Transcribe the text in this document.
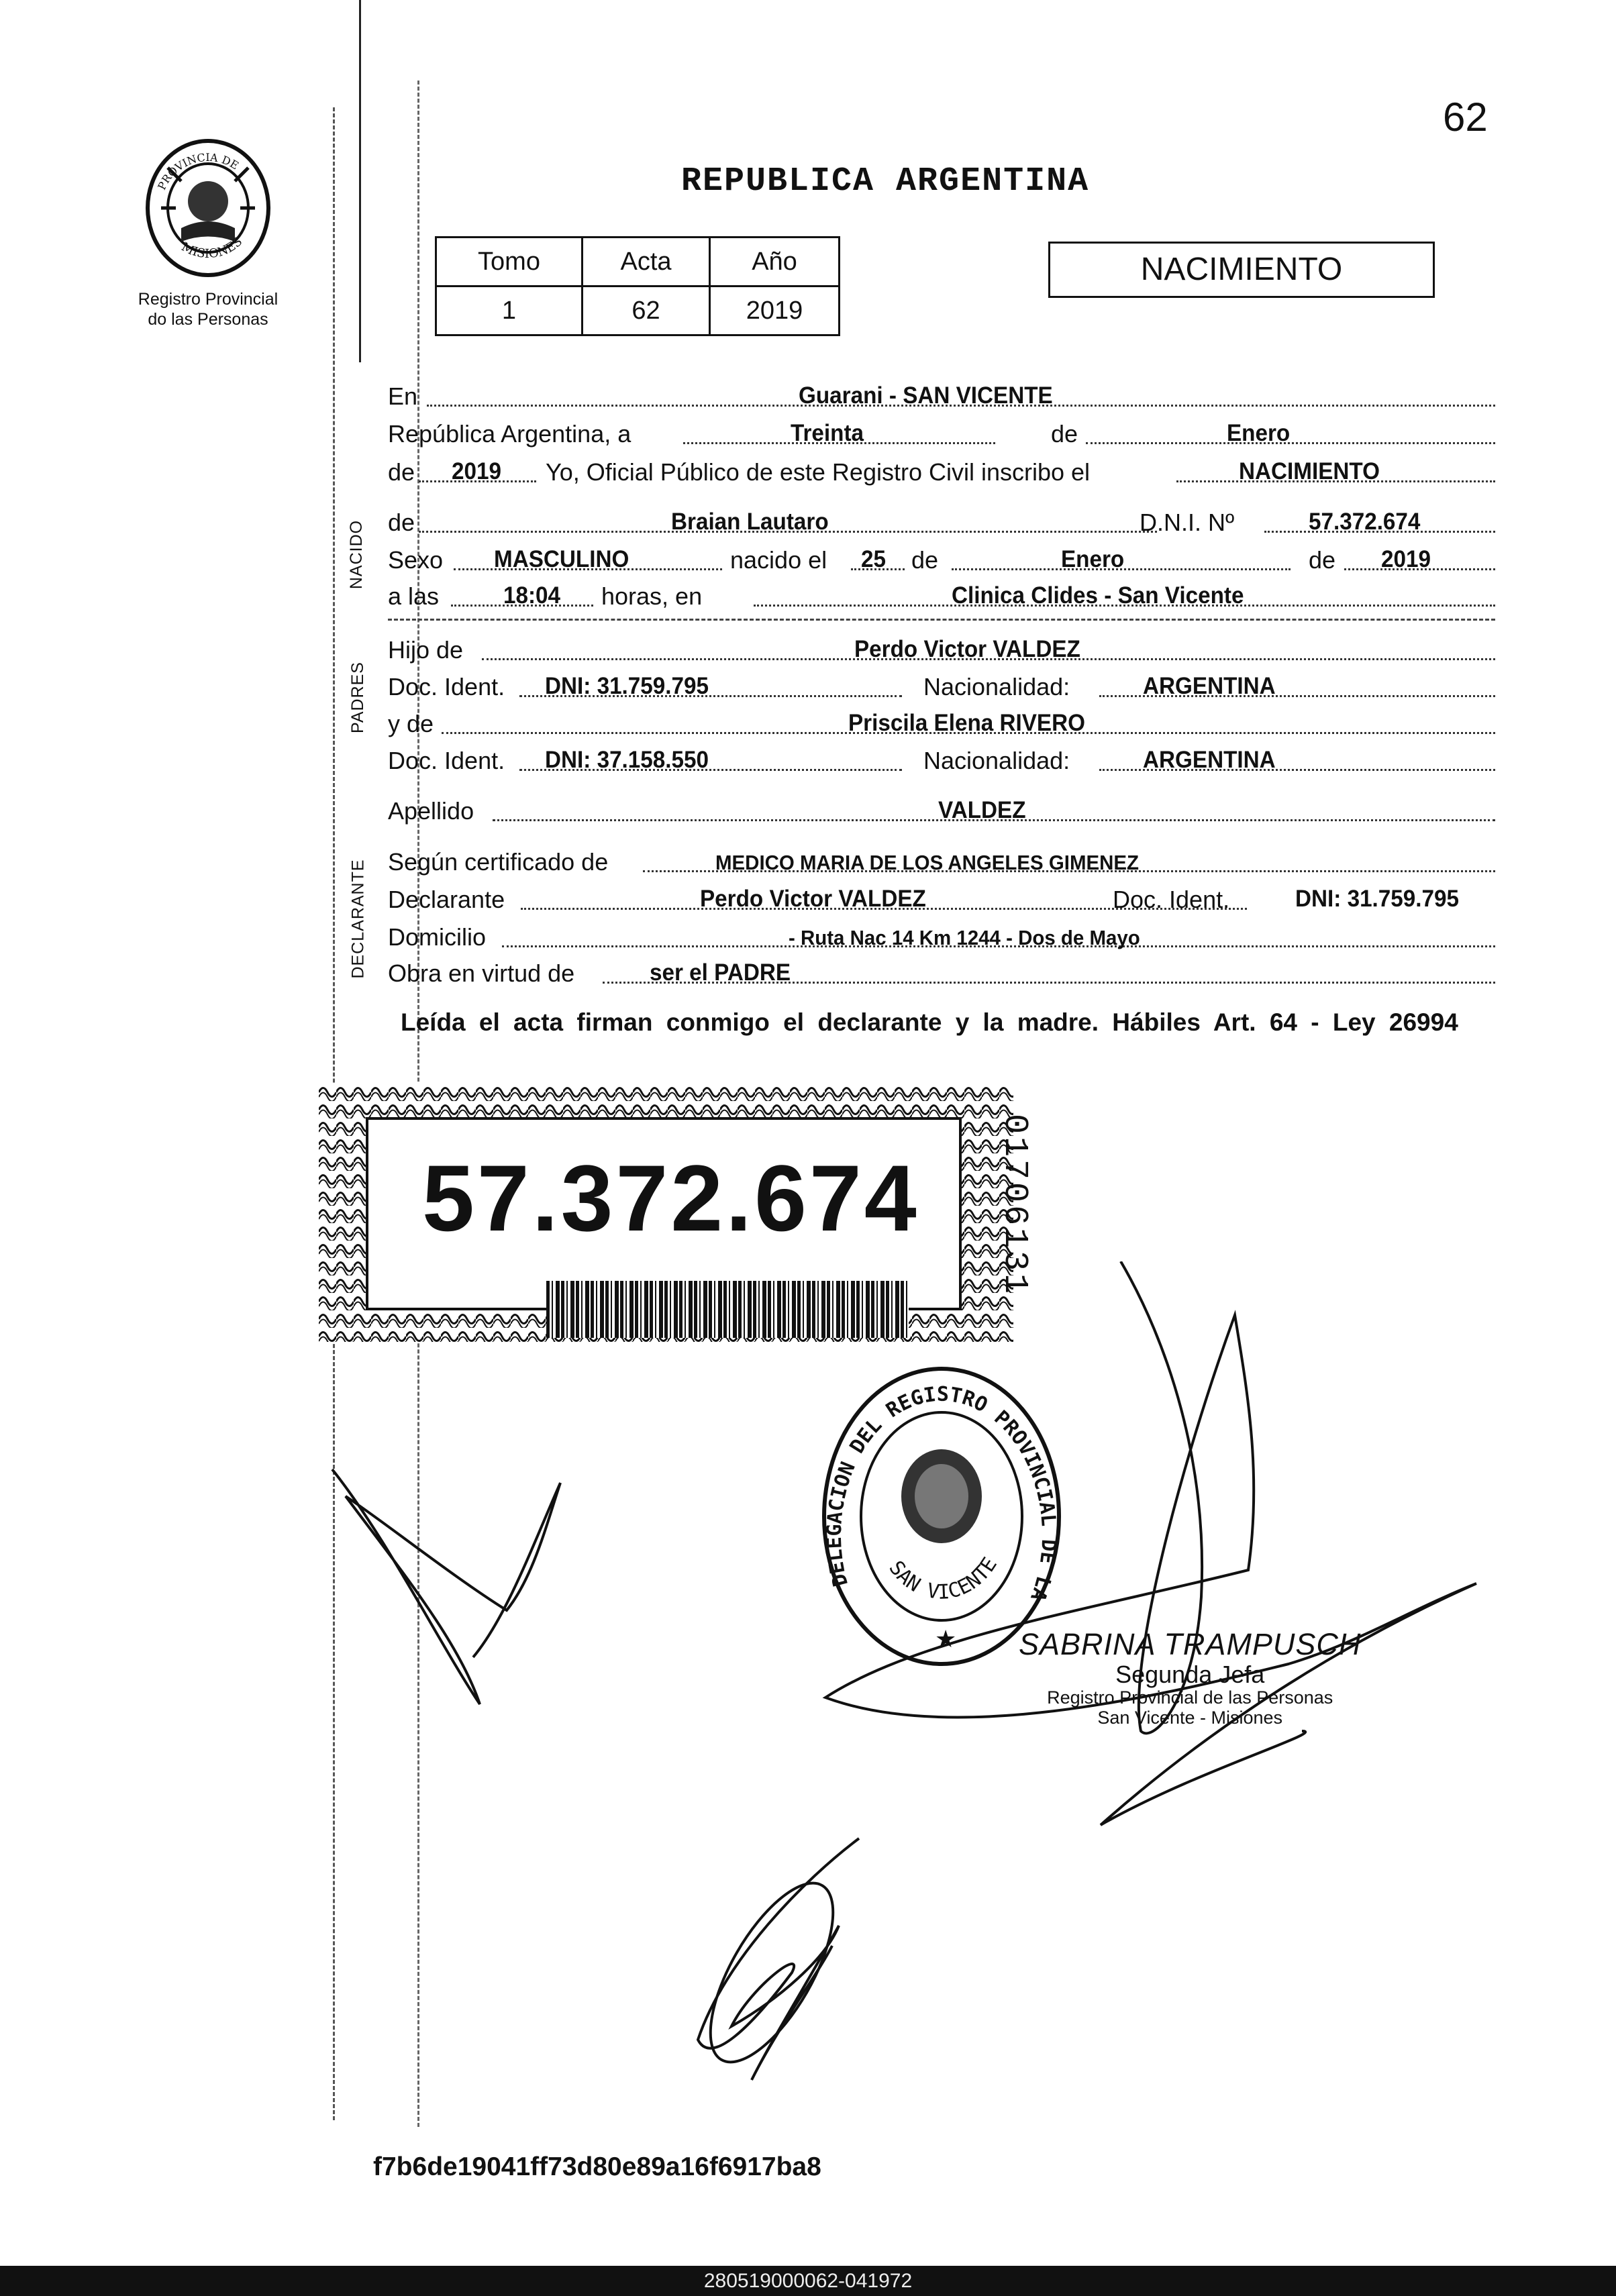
62
REPUBLICA ARGENTINA
PROVINCIA DE
MISIONES
Registro Provincial
do las Personas
Tomo	Acta	Año
1	62	2019
NACIMIENTO
NACIDO
PADRES
DECLARANTE
En	Guarani - SAN VICENTE
República Argentina, a	Treinta	de	Enero
de 2019 Yo, Oficial Público de este Registro Civil inscribo el	NACIMIENTO
de	Braian Lautaro	D.N.I. Nº	57.372.674
Sexo MASCULINO	nacido el 25 de	Enero	de 2019
a las	18:04 horas, en	Clinica Clides - San Vicente
Hijo de	Perdo Victor VALDEZ
Doc. Ident. DNI: 31.759.795	Nacionalidad:	ARGENTINA
y de	Priscila Elena RIVERO
Doc. Ident. DNI: 37.158.550	Nacionalidad:	ARGENTINA
Apellido	VALDEZ
Según certificado de	MEDICO MARIA DE LOS ANGELES GIMENEZ
Declarante	Perdo Victor VALDEZ	Doc. Ident.	DNI: 31.759.795
Domicilio	- Ruta Nac 14 Km 1244 - Dos de Mayo
Obra en virtud de	ser el PADRE
Leída el acta firman conmigo el declarante y la madre. Hábiles Art. 64 - Ley 26994
57.372.674 01706131
DELEGACION DEL REGISTRO PROVINCIAL DE LA
SAN VICENTE
★ SABRINA TRAMPUSCH
Segunda Jefa
Registro Provincial de las Personas
San Vicente - Misiones
f7b6de19041ff73d80e89a16f6917ba8
280519000062-041972
